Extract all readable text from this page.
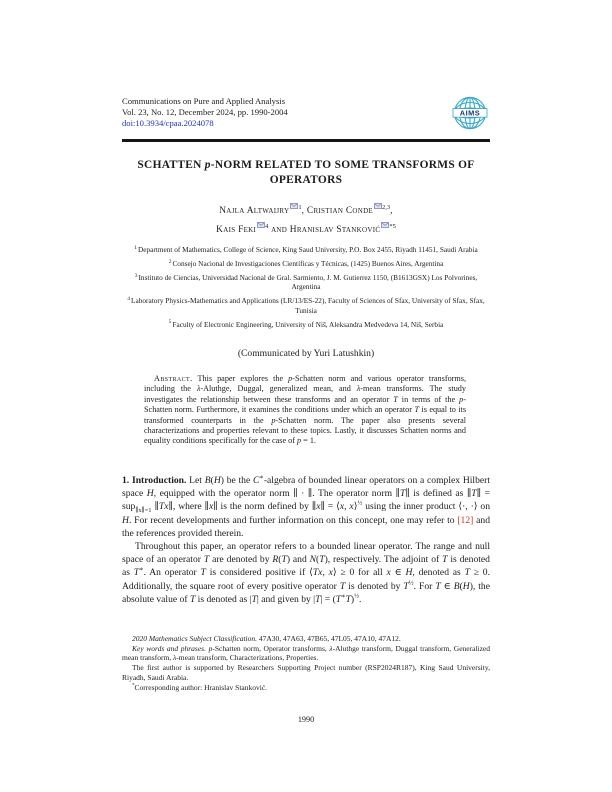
Communications on Pure and Applied Analysis
Vol. 23, No. 12, December 2024, pp. 1990-2004
doi:10.3934/cpaa.2024078
AIMS
SCHATTEN p-NORM RELATED TO SOME TRANSFORMS OF
OPERATORS
Najla Altwaijry $^1$, Cristian Conde $^{2,3}$,
Kais Feki $^4$ and Hranislav Stanković $^{*5}$
$^1$Department of Mathematics, College of Science, King Saud University, P.O. Box 2455, Riyadh 11451, Saudi Arabia
$^2$Consejo Nacional de Investigaciones Científicas y Técnicas, (1425) Buenos Aires, Argentina
$^3$Instituto de Ciencias, Universidad Nacional de Gral. Sarmiento, J. M. Gutierrez 1150, (B1613GSX) Los Polvorines, Argentina
$^4$Laboratory Physics-Mathematics and Applications (LR/13/ES-22), Faculty of Sciences of Sfax, University of Sfax, Sfax, Tunisia
$^5$Faculty of Electronic Engineering, University of Niš, Aleksandra Medvedeva 14, Niš, Serbia
(Communicated by Yuri Latushkin)
Abstract. This paper explores the p-Schatten norm and various operator transforms, including the λ-Aluthge, Duggal, generalized mean, and λ-mean transforms. The study investigates the relationship between these transforms and an operator T in terms of the p-Schatten norm. Furthermore, it examines the conditions under which an operator T is equal to its transformed counterparts in the p-Schatten norm. The paper also presents several characterizations and properties relevant to these topics. Lastly, it discusses Schatten norms and equality conditions specifically for the case of p = 1.
1. Introduction. Let B(H) be the C∗-algebra of bounded linear operators on a complex Hilbert space H, equipped with the operator norm ∥ · ∥. The operator norm ∥T∥ is defined as ∥T∥ = sup$_{\parallel x\parallel=1}$ ∥Tx∥, where ∥x∥ is the norm defined by ∥x∥ = ⟨x, x⟩$^{\frac{1}{2}}$ using the inner product ⟨·, ·⟩ on H. For recent developments and further information on this concept, one may refer to [12] and the references provided therein.
Throughout this paper, an operator refers to a bounded linear operator. The range and null space of an operator T are denoted by R(T) and N(T), respectively. The adjoint of T is denoted as T∗. An operator T is considered positive if ⟨Tx, x⟩ ≥ 0 for all x ∈ H, denoted as T ≥ 0. Additionally, the square root of every positive operator T is denoted by $T^{\frac{1}{2}}$. For T ∈ B(H), the absolute value of T is denoted as |T| and given by $|T| = (T^∗T)^{\frac{1}{2}}$.
2020 Mathematics Subject Classification. 47A30, 47A63, 47B65, 47L05, 47A10, 47A12.
Key words and phrases. p-Schatten norm, Operator transforms, λ-Aluthge transform, Duggal transform, Generalized mean transform, λ-mean transform, Characterizations, Properties.
The first author is supported by Researchers Supporting Project number (RSP2024R187), King Saud University, Riyadh, Saudi Arabia.
*Corresponding author: Hranislav Stanković.
1990
